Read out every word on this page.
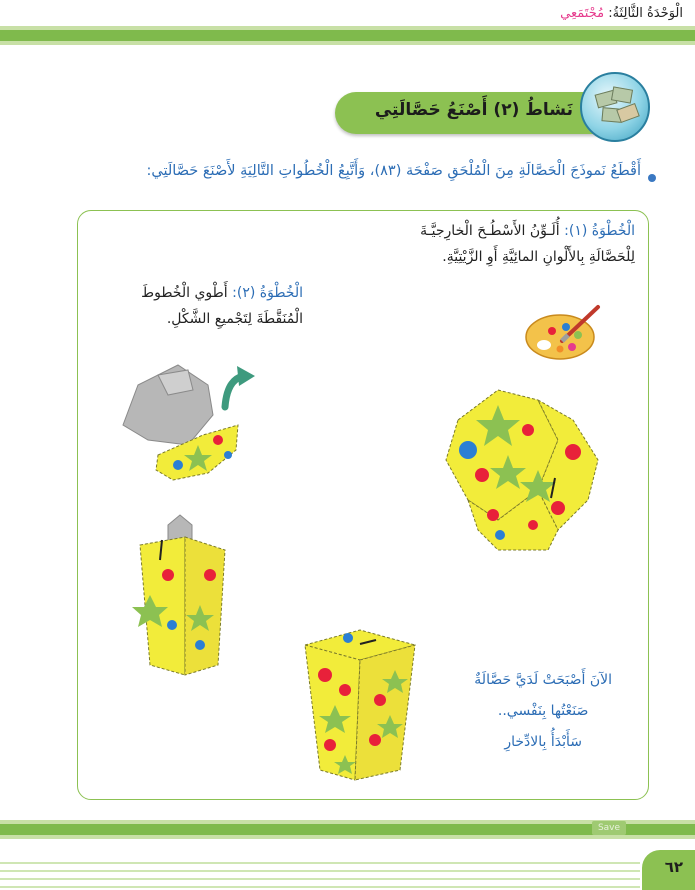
الْوَحْدَةُ الثَّالِثَةُ: مُجْتَمَعِي
نَشاطُ (٢) أَصْنَعُ حَصَّالَتِي
أَقْطَعُ نَموذَجَ الْحَصَّالَةِ مِنَ الْمُلْحَقِ صَفْحَة (٨٣)، وَأَتَّبِعُ الْخُطُواتِ التَّالِيَةِ لأَصْنَعَ حَصَّالَتِي:
الْخُطْوَةُ (١): أُلَـوِّنُ الأَسْطُـحَ الْخارِجيَّـةَ
لِلْحَصَّالَةِ بِالأَلْوانِ المائِيَّةِ أَوِ الزَّيْتِيَّةِ.
الْخُطْوَةُ (٢): أَطْوي الْخُطوطَ
الْمُنَقَّطَةَ لِتَجْميعِ الشَّكْلِ.
الآنَ أَصْبَحَتْ لَدَيَّ حَصَّالَةٌ
صَنَعْتُها بِنَفْسي..
سَأَبْدَأُ بِالادِّخارِ
Save
٦٢
